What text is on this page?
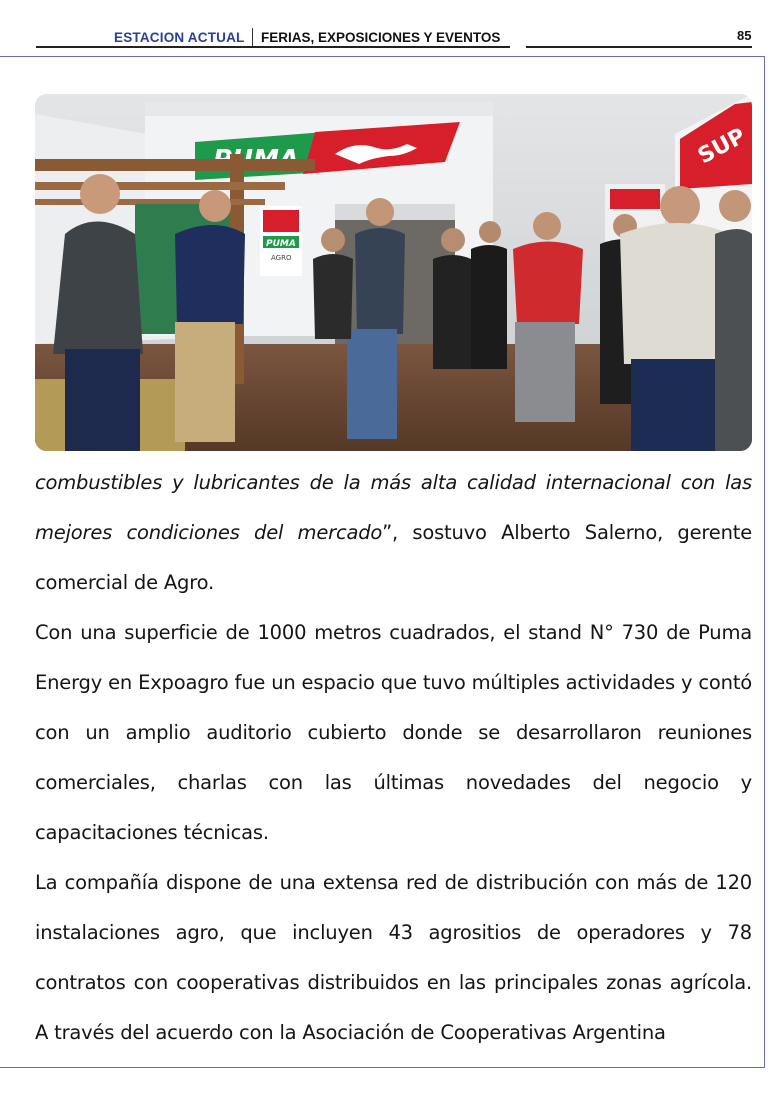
ESTACION ACTUAL FERIAS, EXPOSICIONES Y EVENTOS	85
PUMA
AGRO
SUP

combustibles y lubricantes de la más alta calidad internacional con las mejores condiciones del mercado”, sostuvo Alberto Salerno, gerente comercial de Agro.

Con una superficie de 1000 metros cuadrados, el stand N° 730 de Puma Energy en Expoagro fue un espacio que tuvo múltiples actividades y contó con un amplio auditorio cubierto donde se desarrollaron reuniones comerciales, charlas con las últimas novedades del negocio y capacitaciones técnicas.

La compañía dispone de una extensa red de distribución con más de 120 instalaciones agro, que incluyen 43 agrositios de operadores y 78 contratos con cooperativas distribuidos en las principales zonas agrícola. A través del acuerdo con la Asociación de Cooperativas Argentina
